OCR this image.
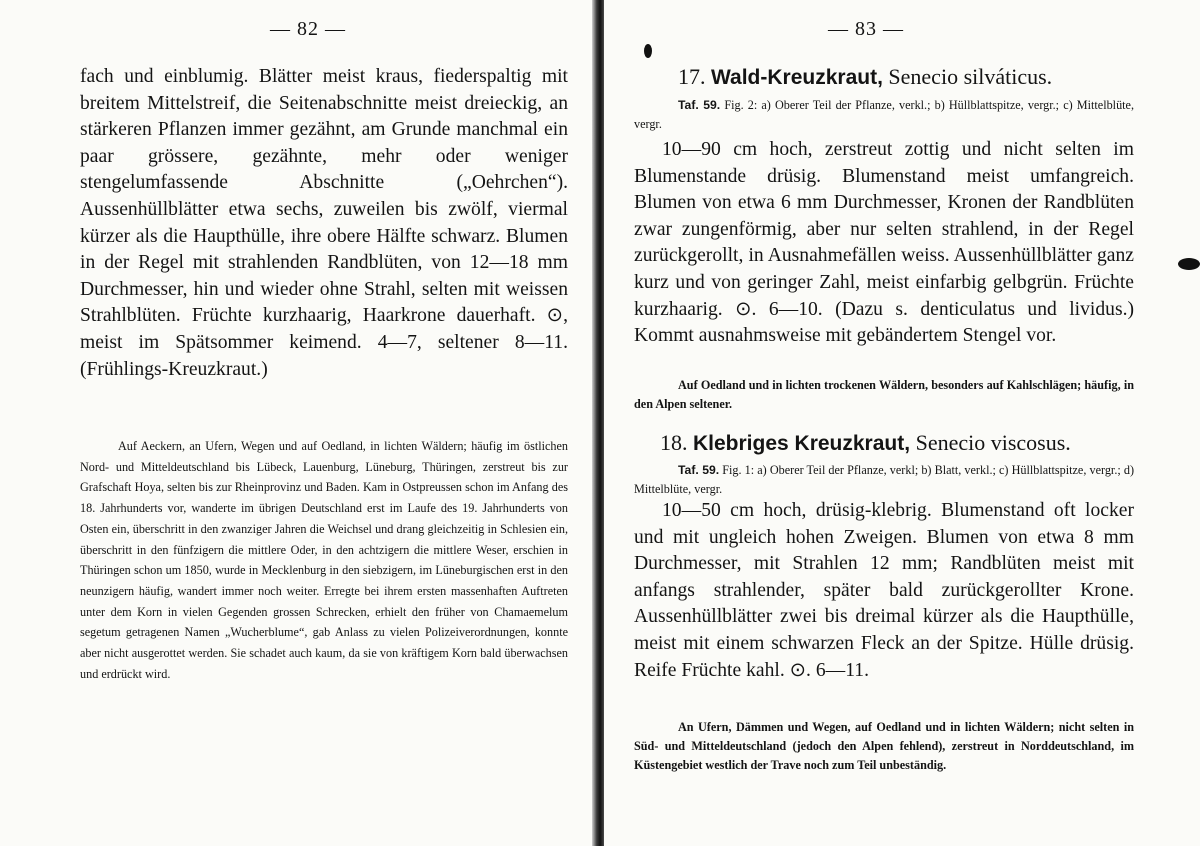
— 82 —
fach und einblumig. Blätter meist kraus, fiederspaltig mit breitem Mittelstreif, die Seitenabschnitte meist dreieckig, an stärkeren Pflanzen immer gezähnt, am Grunde manchmal ein paar grössere, gezähnte, mehr oder weniger stengelumfassende Abschnitte („Oehrchen“). Aussenhüllblätter etwa sechs, zuweilen bis zwölf, viermal kürzer als die Haupthülle, ihre obere Hälfte schwarz. Blumen in der Regel mit strahlenden Randblüten, von 12—18 mm Durchmesser, hin und wieder ohne Strahl, selten mit weissen Strahlblüten. Früchte kurzhaarig, Haarkrone dauerhaft. ⊙, meist im Spätsommer keimend. 4—7, seltener 8—11. (Frühlings-Kreuzkraut.)
Auf Aeckern, an Ufern, Wegen und auf Oedland, in lichten Wäldern; häufig im östlichen Nord- und Mitteldeutschland bis Lübeck, Lauenburg, Lüneburg, Thüringen, zerstreut bis zur Grafschaft Hoya, selten bis zur Rheinprovinz und Baden. Kam in Ostpreussen schon im Anfang des 18. Jahrhunderts vor, wanderte im übrigen Deutschland erst im Laufe des 19. Jahrhunderts von Osten ein, überschritt in den zwanziger Jahren die Weichsel und drang gleichzeitig in Schlesien ein, überschritt in den fünfzigern die mittlere Oder, in den achtzigern die mittlere Weser, erschien in Thüringen schon um 1850, wurde in Mecklenburg in den siebzigern, im Lüneburgischen erst in den neunzigern häufig, wandert immer noch weiter. Erregte bei ihrem ersten massenhaften Auftreten unter dem Korn in vielen Gegenden grossen Schrecken, erhielt den früher von Chamaemelum segetum getragenen Namen „Wucherblume“, gab Anlass zu vielen Polizeiverordnungen, konnte aber nicht ausgerottet werden. Sie schadet auch kaum, da sie von kräftigem Korn bald überwachsen und erdrückt wird.
— 83 —
17. Wald-Kreuzkraut, Senecio silváticus.
Taf. 59. Fig. 2: a) Oberer Teil der Pflanze, verkl.; b) Hüllblattspitze, vergr.; c) Mittelblüte, vergr.
10—90 cm hoch, zerstreut zottig und nicht selten im Blumenstande drüsig. Blumenstand meist umfangreich. Blumen von etwa 6 mm Durchmesser, Kronen der Randblüten zwar zungenförmig, aber nur selten strahlend, in der Regel zurückgerollt, in Ausnahmefällen weiss. Aussenhüllblätter ganz kurz und von geringer Zahl, meist einfarbig gelbgrün. Früchte kurzhaarig. ⊙. 6—10. (Dazu s. denticulatus und lividus.) Kommt ausnahmsweise mit gebändertem Stengel vor.
Auf Oedland und in lichten trockenen Wäldern, besonders auf Kahlschlägen; häufig, in den Alpen seltener.
18. Klebriges Kreuzkraut, Senecio viscosus.
Taf. 59. Fig. 1: a) Oberer Teil der Pflanze, verkl; b) Blatt, verkl.; c) Hüllblattspitze, vergr.; d) Mittelblüte, vergr.
10—50 cm hoch, drüsig-klebrig. Blumenstand oft locker und mit ungleich hohen Zweigen. Blumen von etwa 8 mm Durchmesser, mit Strahlen 12 mm; Randblüten meist mit anfangs strahlender, später bald zurückgerollter Krone. Aussenhüllblätter zwei bis dreimal kürzer als die Haupthülle, meist mit einem schwarzen Fleck an der Spitze. Hülle drüsig. Reife Früchte kahl. ⊙. 6—11.
An Ufern, Dämmen und Wegen, auf Oedland und in lichten Wäldern; nicht selten in Süd- und Mitteldeutschland (jedoch den Alpen fehlend), zerstreut in Norddeutschland, im Küstengebiet westlich der Trave noch zum Teil unbeständig.
